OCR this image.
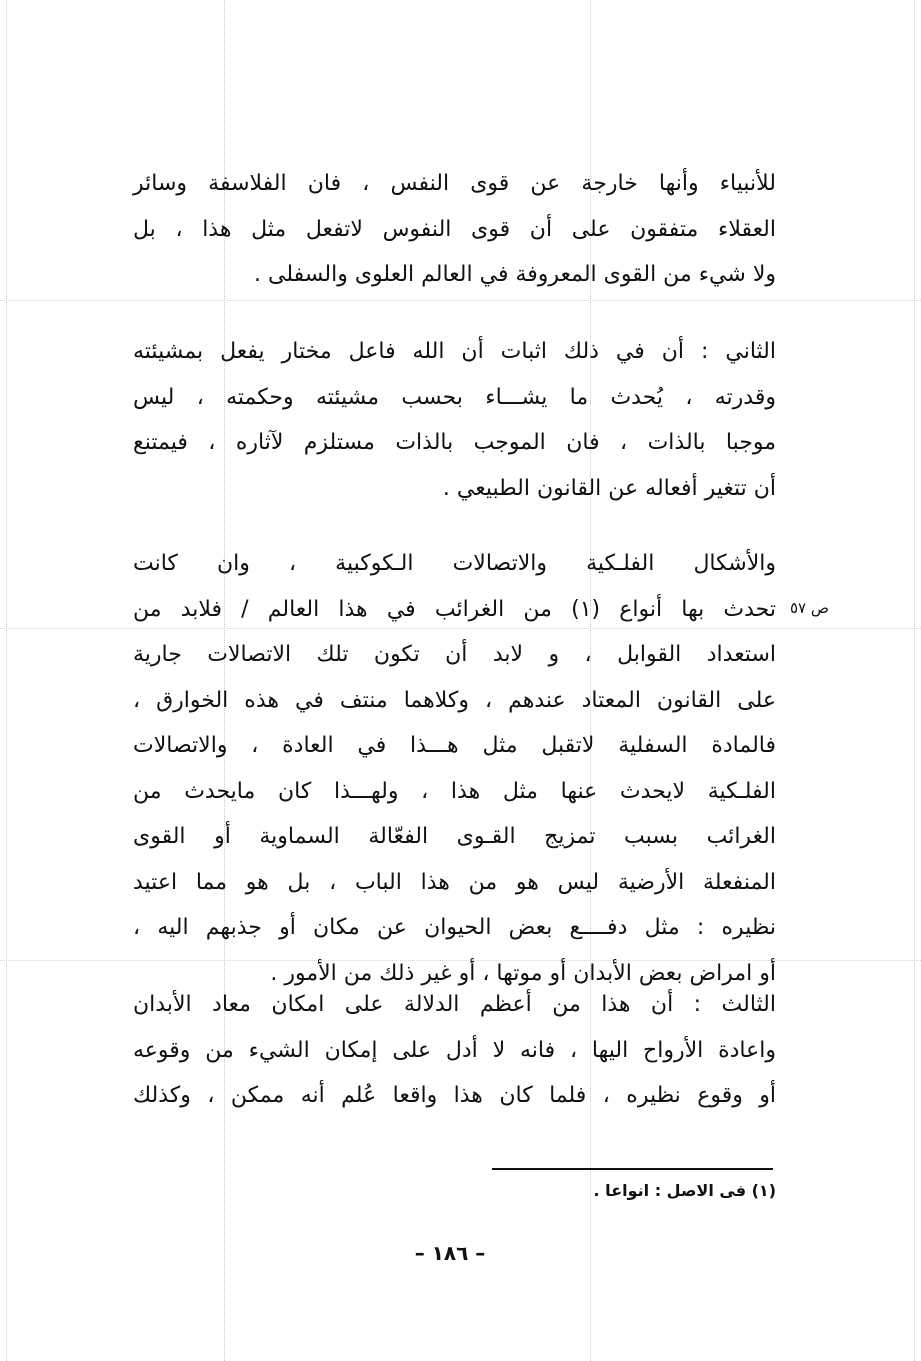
للأنبياء وأنها خارجة عن قوى النفس ، فان الفلاسفة وسائر
العقلاء متفقون على أن قوى النفوس لاتفعل مثل هذا ، بل
ولا شيء من القوى المعروفة في العالم العلوى والسفلى .
الثاني : أن في ذلك اثبات أن الله فاعل مختار يفعل بمشيئته
وقدرته ، يُحدث ما يشـــاء بحسب مشيئته وحكمته ، ليس
موجبا بالذات ، فان الموجب بالذات مستلزم لآثاره ، فيمتنع
أن تتغير أفعاله عن القانون الطبيعي .
والأشكال الفلـكية والاتصالات الـكوكبية ، وان كانت
تحدث بها أنواع (١) من الغرائب في هذا العالم / فلابد من
استعداد القوابل ، و لابد أن تكون تلك الاتصالات جارية
على القانون المعتاد عندهم ، وكلاهما منتف في هذه الخوارق ،
فالمادة السفلية لاتقبل مثل هـــذا في العادة ، والاتصالات
الفلـكية لايحدث عنها مثل هذا ، ولهـــذا كان مايحدث من
الغرائب بسبب تمزيج القـوى الفعّالة السماوية أو القوى
المنفعلة الأرضية ليس هو من هذا الباب ، بل هو مما اعتيد
نظيره : مثل دفــــع بعض الحيوان عن مكان أو جذبهم اليه ،
أو امراض بعض الأبدان أو موتها ، أو غير ذلك من الأمور .
الثالث : أن هذا من أعظم الدلالة على امكان معاد الأبدان
واعادة الأرواح اليها ، فانه لا أدل على إمكان الشيء من وقوعه
أو وقوع نظيره ، فلما كان هذا واقعا عُلم أنه ممكن ، وكذلك
ص ٥٧
(١) فى الاصل : انواعا .
– ١٨٦ –
